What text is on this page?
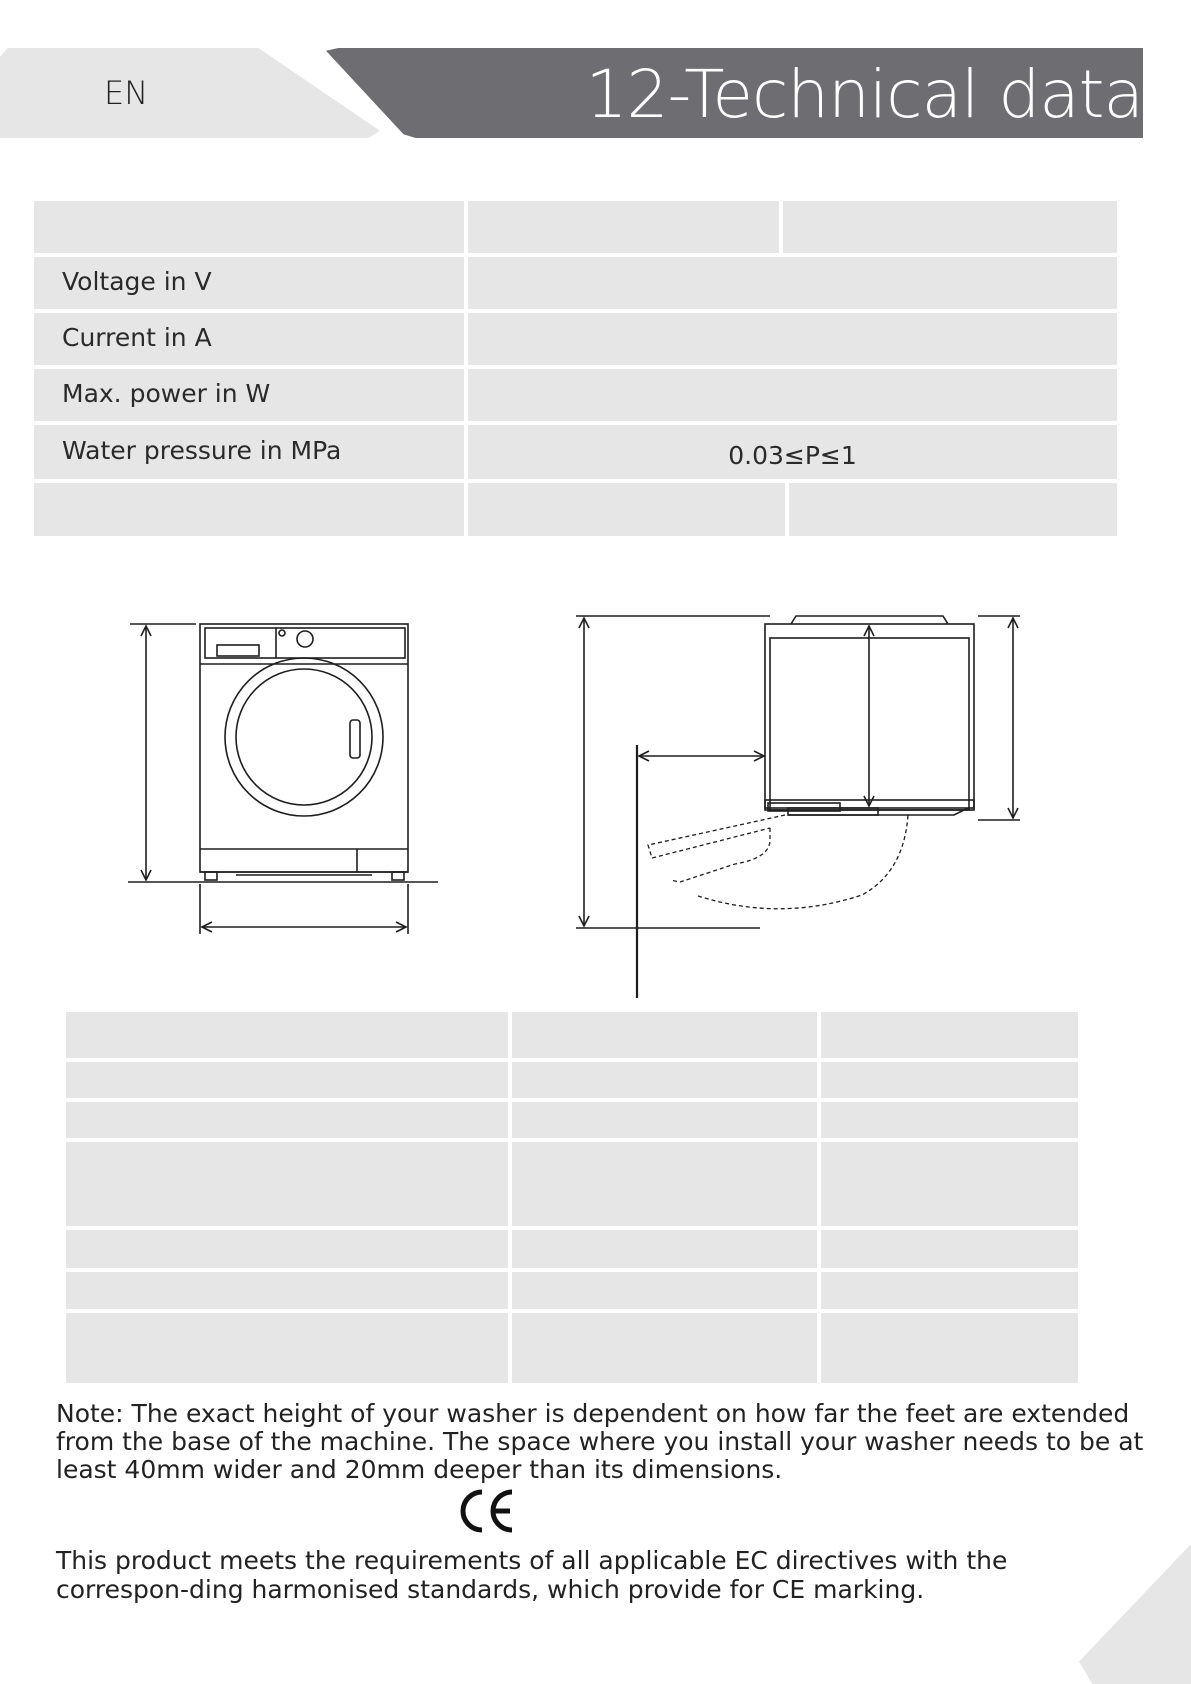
EN	12-Technical data
Voltage in V
Current in A
Max. power in W
Water pressure in MPa	0.03≤P≤1
Note: The exact height of your washer is dependent on how far the feet are extended from the base of the machine. The space where you install your washer needs to be at least 40mm wider and 20mm deeper than its dimensions.
This product meets the requirements of all applicable EC directives with the correspon-ding harmonised standards, which provide for CE marking.
